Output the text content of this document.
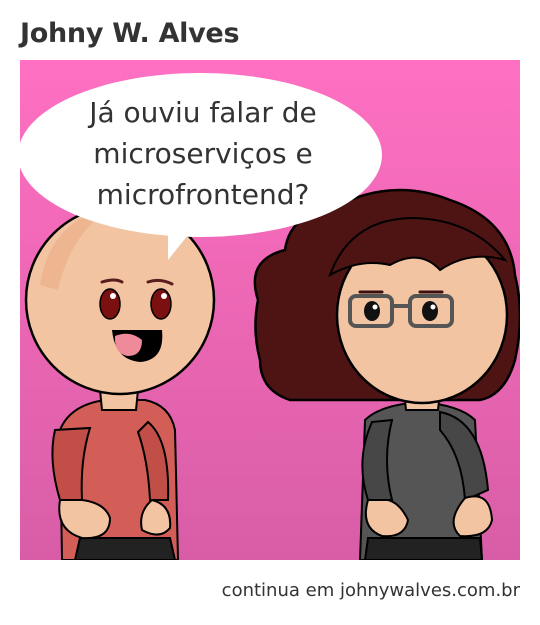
Johny W. Alves
Já ouviu falar de
microserviços e
microfrontend?
continua em johnywalves.com.br
